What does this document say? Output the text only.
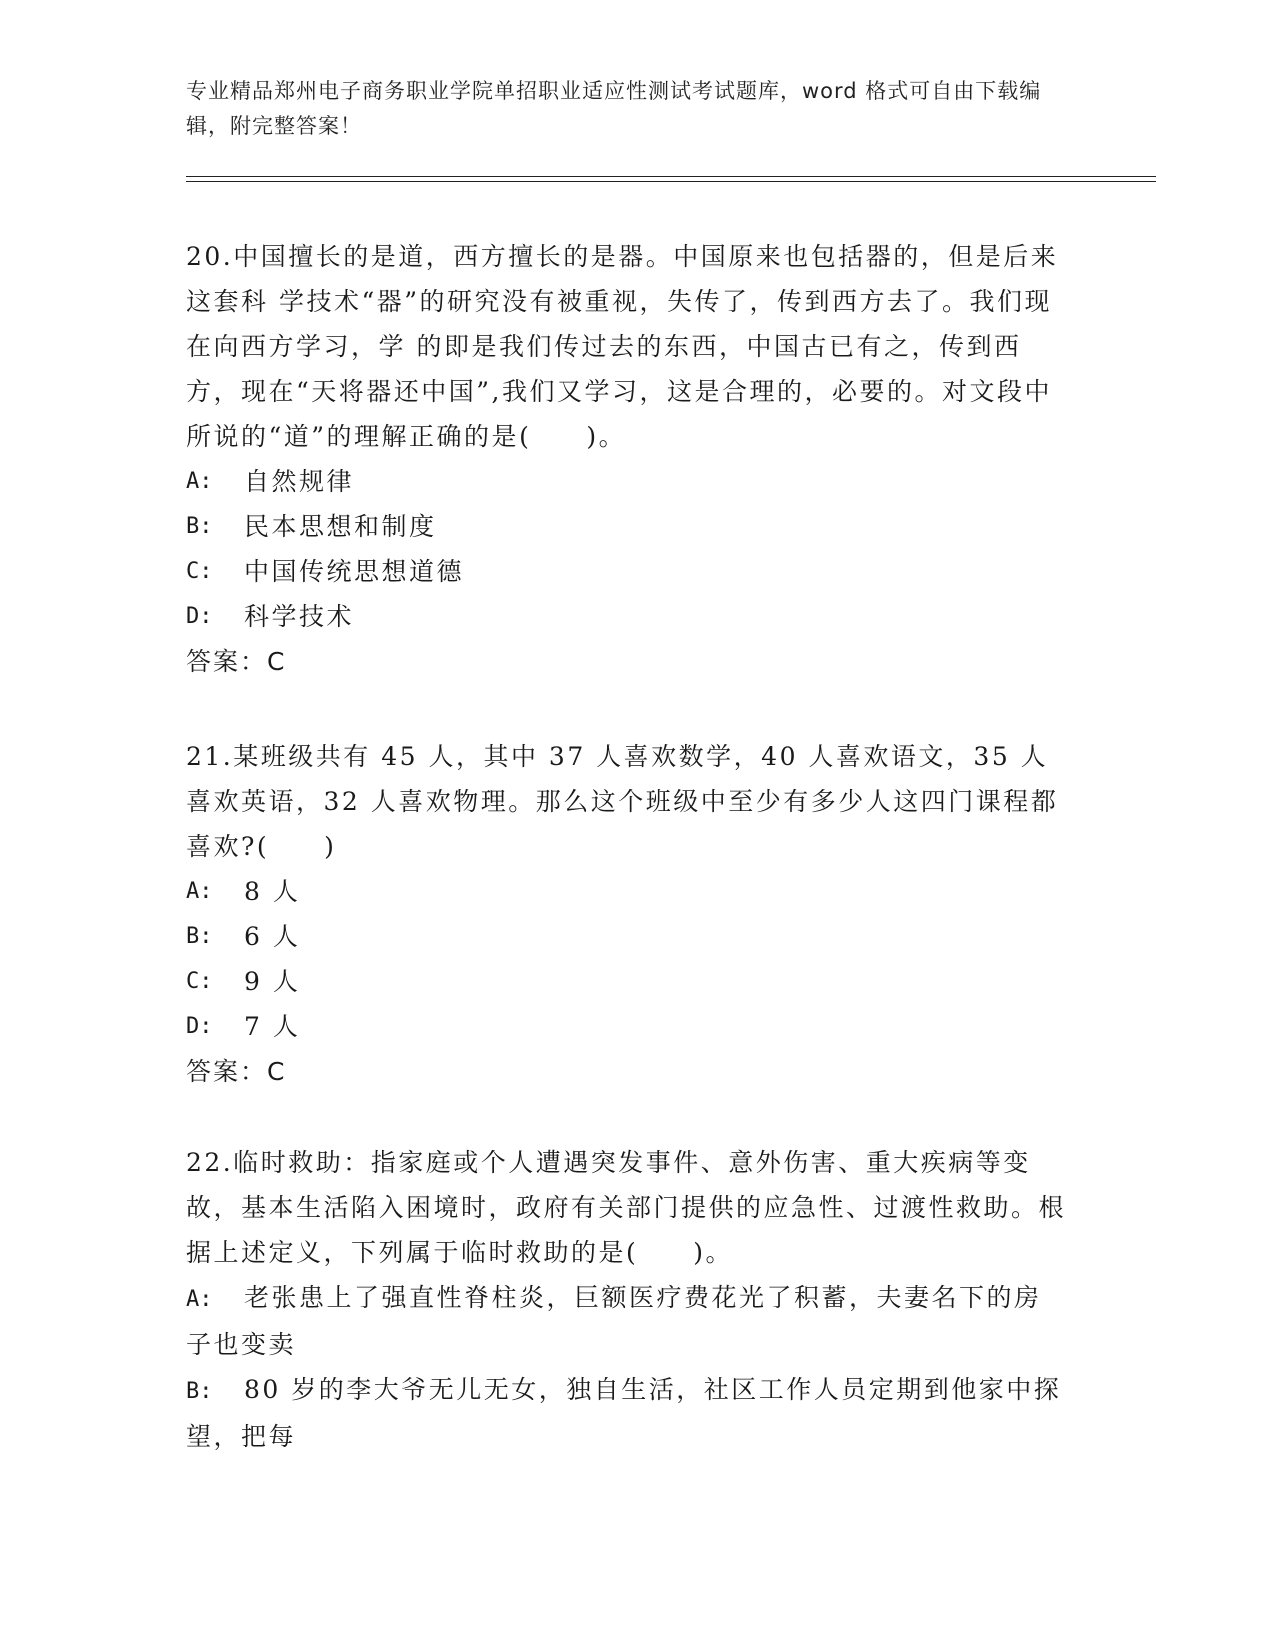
专业精品郑州电子商务职业学院单招职业适应性测试考试题库，word 格式可自由下载编辑，附完整答案！

20.中国擅长的是道，西方擅长的是器。中国原来也包括器的，但是后来这套科 学技术“器”的研究没有被重视，失传了，传到西方去了。我们现在向西方学习，学 的即是我们传过去的东西，中国古已有之，传到西方，现在“天将器还中国”,我们又学习，这是合理的，必要的。对文段中所说的“道”的理解正确的是(　　)。

A:	自然规律
B:	民本思想和制度
C:	中国传统思想道德
D:	科学技术

答案：C

21.某班级共有 45 人，其中 37 人喜欢数学，40 人喜欢语文，35 人喜欢英语，32 人喜欢物理。那么这个班级中至少有多少人这四门课程都喜欢?(　　)

A:	8 人
B:	6 人
C:	9 人
D:	7 人

答案：C

22.临时救助：指家庭或个人遭遇突发事件、意外伤害、重大疾病等变故，基本生活陷入困境时，政府有关部门提供的应急性、过渡性救助。根据上述定义，下列属于临时救助的是(　　)。

A: 老张患上了强直性脊柱炎，巨额医疗费花光了积蓄，夫妻名下的房子也变卖
B: 80 岁的李大爷无儿无女，独自生活，社区工作人员定期到他家中探望，把每
